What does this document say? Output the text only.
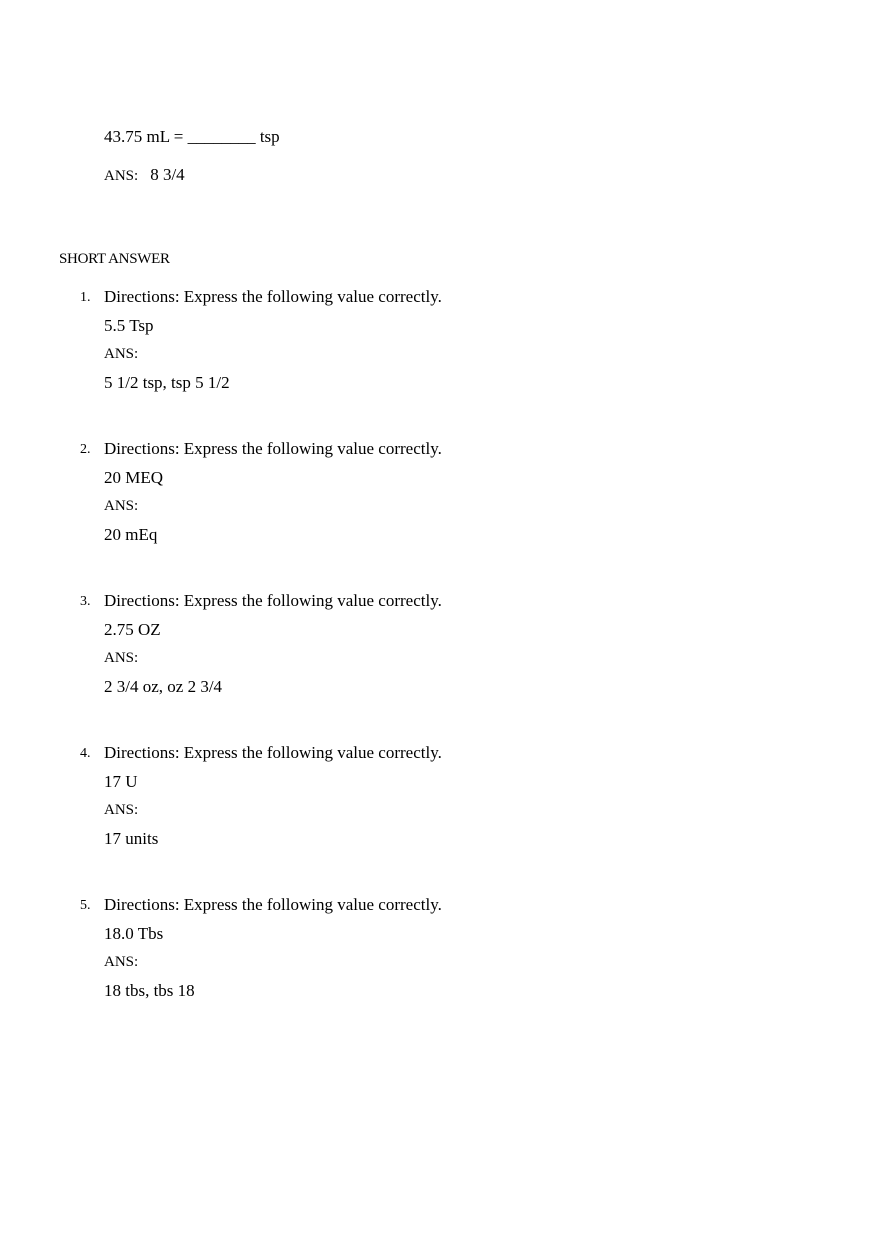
43.75 mL = ________ tsp
ANS: 8 3/4
SHORT ANSWER
1. Directions: Express the following value correctly.
5.5 Tsp
ANS:
5 1/2 tsp, tsp 5 1/2
2. Directions: Express the following value correctly.
20 MEQ
ANS:
20 mEq
3. Directions: Express the following value correctly.
2.75 OZ
ANS:
2 3/4 oz, oz 2 3/4
4. Directions: Express the following value correctly.
17 U
ANS:
17 units
5. Directions: Express the following value correctly.
18.0 Tbs
ANS:
18 tbs, tbs 18
